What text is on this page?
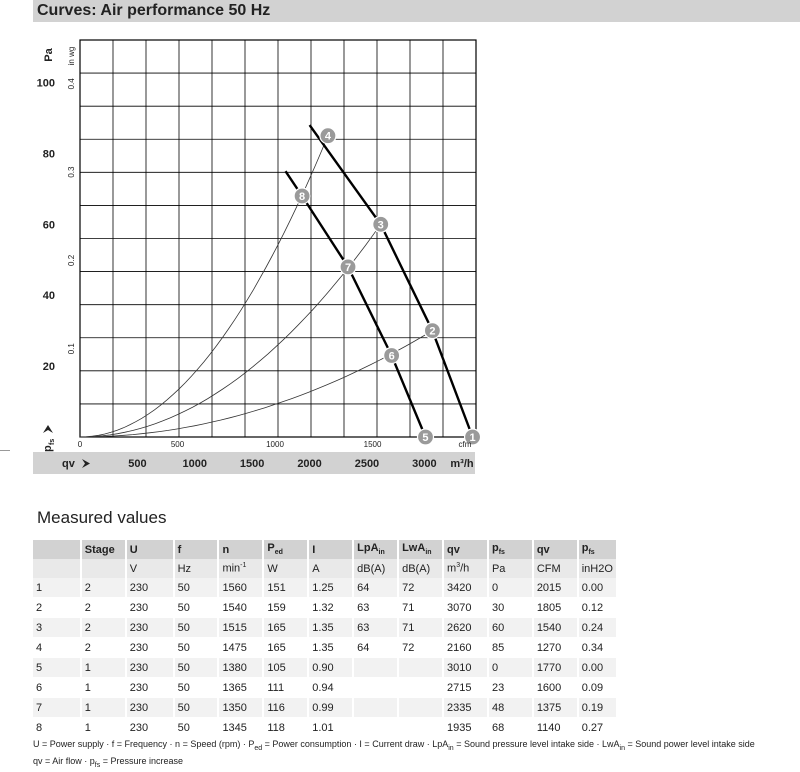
Curves: Air performance 50 Hz
1
2
3
4
5
6
7
8
20
40
60
80
100
0.1
0.2
0.3
0.4
Pa in wg
p
fs	0	500	1000	1500	cfm
qv	500	1000	1500	2000	2500	3000 m³/h
Measured values
	Stage	U	f	n	$P_{ed}$	I	LpA$_{in}$	LwA$_{in}$	qv	$p_{fs}$	qv	$p_{fs}$
		V	Hz	$\min^{-1}$	W	A	dB(A)	dB(A)	$m^3/h$	Pa	CFM	inH2O
1	2	230	50	1560	151	1.25	64	72	3420	0	2015	0.00
2	2	230	50	1540	159	1.32	63	71	3070	30	1805	0.12
3	2	230	50	1515	165	1.35	63	71	2620	60	1540	0.24
4	2	230	50	1475	165	1.35	64	72	2160	85	1270	0.34
5	1	230	50	1380	105	0.90			3010	0	1770	0.00
6	1	230	50	1365	111	0.94			2715	23	1600	0.09
7	1	230	50	1350	116	0.99			2335	48	1375	0.19
8	1	230	50	1345	118	1.01			1935	68	1140	0.27
U = Power supply · f = Frequency · n = Speed $(rpm) \cdot P_{ed}$ = Power consumption · I = Current draw · LpA$_{in}$ = Sound pressure level intake side · LwA$_{in}$ = Sound power level intake side
qv = Air flow · $p_{fs}$ = Pressure increase
